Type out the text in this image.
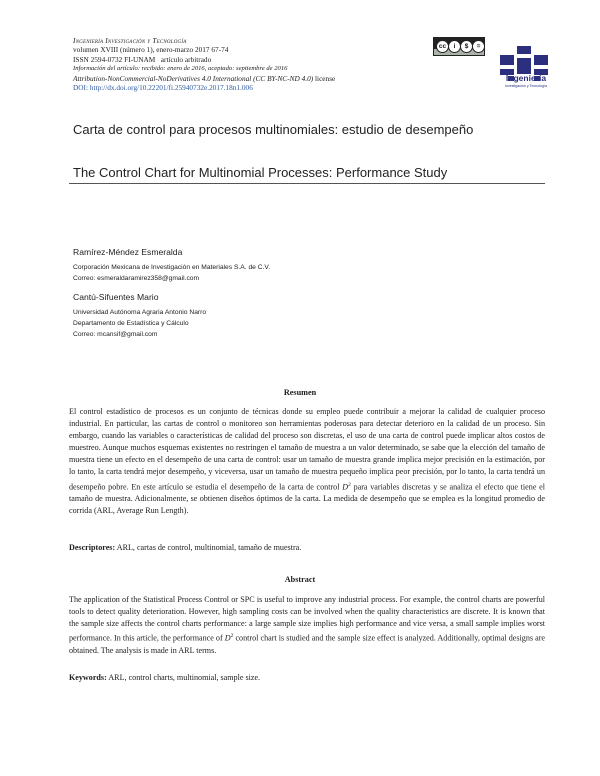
Ingeniería Investigación y Tecnología
volumen XVIII (número 1), enero-marzo 2017 67-74
ISSN 2594-0732 FI-UNAM artículo arbitrado
Información del artículo: recibido: enero de 2016, aceptado: septiembre de 2016
Attribution-NonCommercial-NoDerivatives 4.0 International (CC BY-NC-ND 4.0) license
DOI: http://dx.doi.org/10.22201/fi.25940732e.2017.18n1.006
cc	i	$	=
Ingeniería
Investigación y Tecnología
Carta de control para procesos multinomiales: estudio de desempeño
The Control Chart for Multinomial Processes: Performance Study
Ramírez-Méndez Esmeralda
Corporación Mexicana de Investigación en Materiales S.A. de C.V.
Correo: esmeraldaramirez358@gmail.com
Cantú-Sifuentes Mario
Universidad Autónoma Agraria Antonio Narro
Departamento de Estadística y Cálculo
Correo: mcansif@gmail.com
Resumen
El control estadístico de procesos es un conjunto de técnicas donde su empleo puede contribuir a mejorar la calidad de cualquier proceso industrial. En particular, las cartas de control o monitoreo son herramientas poderosas para detectar deterioro en la calidad de un proceso. Sin embargo, cuando las variables o características de calidad del proceso son discretas, el uso de una carta de control puede implicar altos costos de muestreo. Aunque muchos esquemas existentes no restringen el tamaño de muestra a un valor determinado, se sabe que la elección del tamaño de muestra tiene un efecto en el desempeño de una carta de control: usar un tamaño de muestra grande implica mejor precisión en la estimación, por lo tanto, la carta tendrá mejor desempeño, y viceversa, usar un tamaño de muestra pequeño implica peor precisión, por lo tanto, la carta tendrá un desempeño pobre. En este artículo se estudia el desempeño de la carta de control $D^2$ para variables discretas y se analiza el efecto que tiene el tamaño de muestra. Adicionalmente, se obtienen diseños óptimos de la carta. La medida de desempeño que se emplea es la longitud promedio de corrida (ARL, Average Run Length).
Descriptores: ARL, cartas de control, multinomial, tamaño de muestra.
Abstract
The application of the Statistical Process Control or SPC is useful to improve any industrial process. For example, the control charts are powerful tools to detect quality deterioration. However, high sampling costs can be involved when the quality characteristics are discrete. It is known that the sample size affects the control charts performance: a large sample size implies high performance and vice versa, a small sample implies worst performance. In this article, the performance of $D^2$ control chart is studied and the sample size effect is analyzed. Additionally, optimal designs are obtained. The analysis is made in ARL terms.
Keywords: ARL, control charts, multinomial, sample size.
